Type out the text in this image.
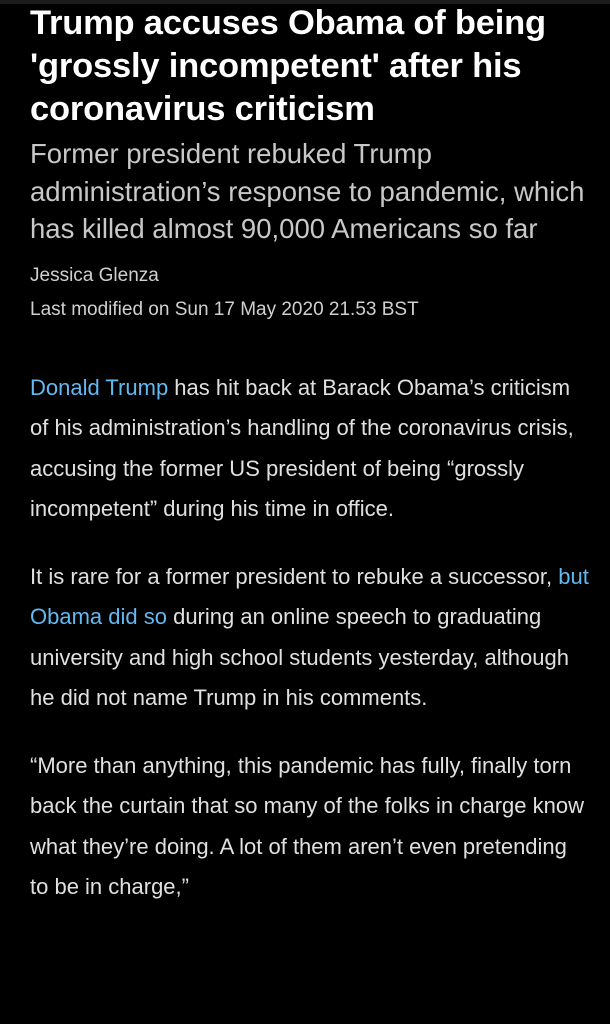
Trump accuses Obama of being 'grossly incompetent' after his coronavirus criticism
Former president rebuked Trump administration’s response to pandemic, which has killed almost 90,000 Americans so far
Jessica Glenza
Last modified on Sun 17 May 2020 21.53 BST

Donald Trump has hit back at Barack Obama’s criticism of his administration’s handling of the coronavirus crisis, accusing the former US president of being “grossly incompetent” during his time in office.

It is rare for a former president to rebuke a successor, but Obama did so during an online speech to graduating university and high school students yesterday, although he did not name Trump in his comments.

“More than anything, this pandemic has fully, finally torn back the curtain that so many of the folks in charge know what they’re doing. A lot of them aren’t even pretending to be in charge,”
